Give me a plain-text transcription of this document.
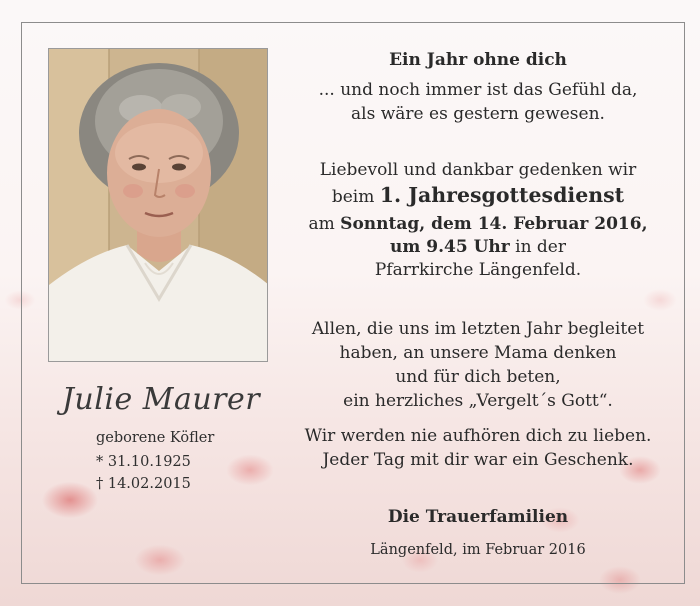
Julie Maurer
geborene Köfler
* 31.10.1925
† 14.02.2015
Ein Jahr ohne dich
... und noch immer ist das Gefühl da,
als wäre es gestern gewesen.
Liebevoll und dankbar gedenken wir
beim 1. Jahresgottesdienst
am Sonntag, dem 14. Februar 2016,
um 9.45 Uhr in der
Pfarrkirche Längenfeld.
Allen, die uns im letzten Jahr begleitet
haben, an unsere Mama denken
und für dich beten,
ein herzliches „Vergelt´s Gott“.
Wir werden nie aufhören dich zu lieben.
Jeder Tag mit dir war ein Geschenk.
Die Trauerfamilien
Längenfeld, im Februar 2016
